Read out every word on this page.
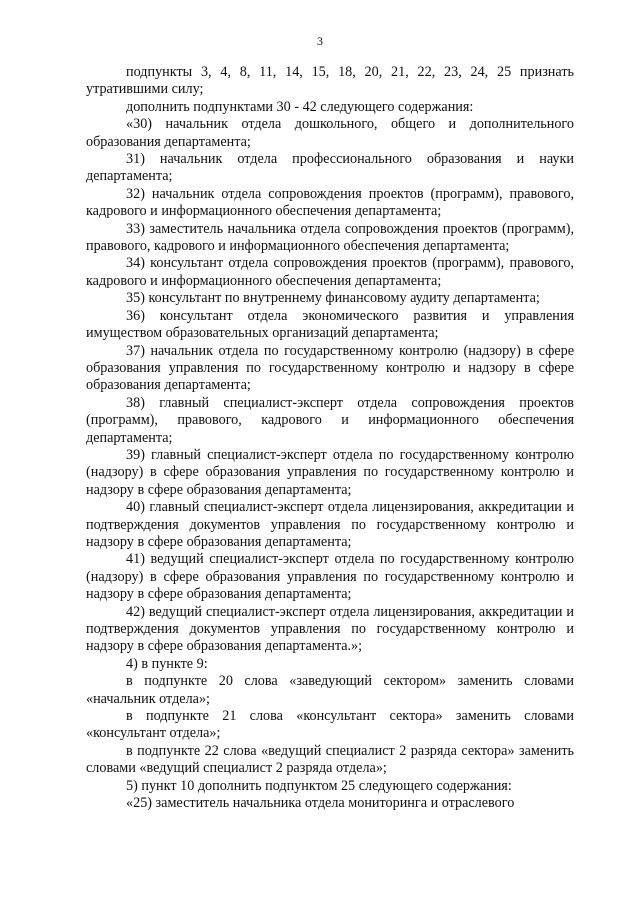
3

подпункты 3, 4, 8, 11, 14, 15, 18, 20, 21, 22, 23, 24, 25 признать утратившими силу;

дополнить подпунктами 30 - 42 следующего содержания:

«30) начальник отдела дошкольного, общего и дополнительного образования департамента;

31) начальник отдела профессионального образования и науки департамента;

32) начальник отдела сопровождения проектов (программ), правового, кадрового и информационного обеспечения департамента;

33) заместитель начальника отдела сопровождения проектов (программ), правового, кадрового и информационного обеспечения департамента;

34) консультант отдела сопровождения проектов (программ), правового, кадрового и информационного обеспечения департамента;

35) консультант по внутреннему финансовому аудиту департамента;

36) консультант отдела экономического развития и управления имуществом образовательных организаций департамента;

37) начальник отдела по государственному контролю (надзору) в сфере образования управления по государственному контролю и надзору в сфере образования департамента;

38) главный специалист-эксперт отдела сопровождения проектов (программ), правового, кадрового и информационного обеспечения департамента;

39) главный специалист-эксперт отдела по государственному контролю (надзору) в сфере образования управления по государственному контролю и надзору в сфере образования департамента;

40) главный специалист-эксперт отдела лицензирования, аккредитации и подтверждения документов управления по государственному контролю и надзору в сфере образования департамента;

41) ведущий специалист-эксперт отдела по государственному контролю (надзору) в сфере образования управления по государственному контролю и надзору в сфере образования департамента;

42) ведущий специалист-эксперт отдела лицензирования, аккредитации и подтверждения документов управления по государственному контролю и надзору в сфере образования департамента.»;

4) в пункте 9:

в подпункте 20 слова «заведующий сектором» заменить словами «начальник отдела»;

в подпункте 21 слова «консультант сектора» заменить словами «консультант отдела»;

в подпункте 22 слова «ведущий специалист 2 разряда сектора» заменить словами «ведущий специалист 2 разряда отдела»;

5) пункт 10 дополнить подпунктом 25 следующего содержания:

«25) заместитель начальника отдела мониторинга и отраслевого
